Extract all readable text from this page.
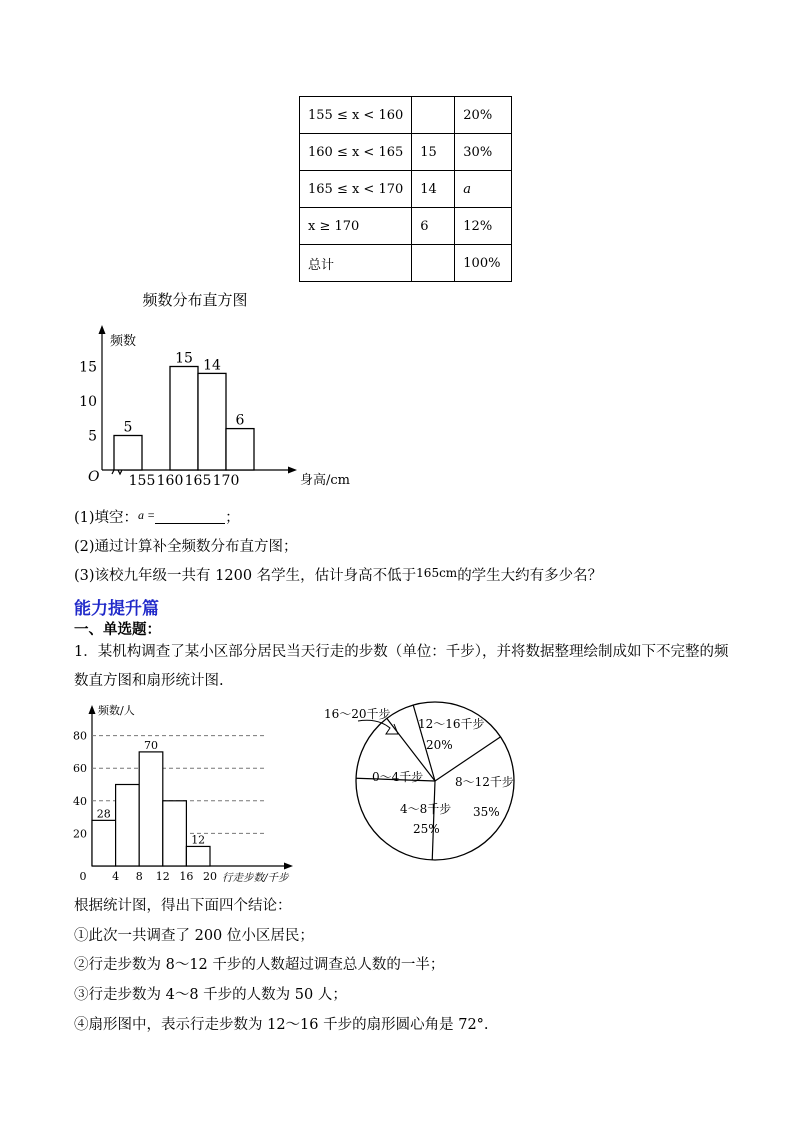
155 ≤ x < 160		20%
160 ≤ x < 165	15	30%
165 ≤ x < 170	14	a
x ≥ 170	6	12%
总计		100%
频数分布直方图
O
频数
身高/cm
5
10
15
5
15 14
6
155 160 165 170
(1)填空：$^{a =}$	；
(2)通过计算补全频数分布直方图；
(3)该校九年级一共有 1200 名学生，估计身高不低于$^{165cm}$的学生大约有多少名？
能力提升篇
一、单选题：
1．某机构调查了某小区部分居民当天行走的步数（单位：千步），并将数据整理绘制成如下不完整的频
数直方图和扇形统计图.
频数/人
行走步数/千步
28
70
12
20
40
60
80
0 4 8 12 16 20
16～20千步
12～16千步
20%
8～12千步
35%
0～4千步
4～8千步
25%
根据统计图，得出下面四个结论：
①此次一共调查了 200 位小区居民；
②行走步数为 8～12 千步的人数超过调查总人数的一半；
③行走步数为 4～8 千步的人数为 50 人；
④扇形图中，表示行走步数为 12～16 千步的扇形圆心角是 72°.
